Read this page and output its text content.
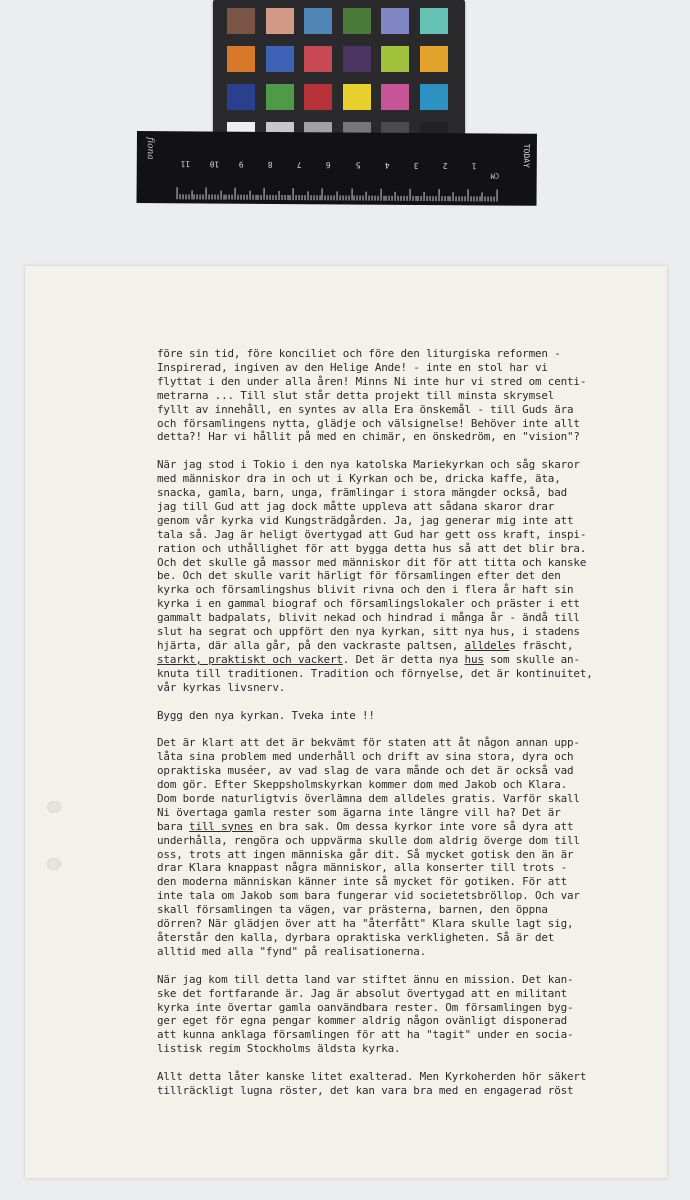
fiona
CM
TODAY
11 10 9	8	7	6	5	4	3	2	1
före sin tid, före konciliet och före den liturgiska reformen -
Inspirerad, ingiven av den Helige Ande! - inte en stol har vi
flyttat i den under alla åren! Minns Ni inte hur vi stred om centi-
metrarna ... Till slut står detta projekt till minsta skrymsel
fyllt av innehåll, en syntes av alla Era önskemål - till Guds ära
och församlingens nytta, glädje och välsignelse! Behöver inte allt
detta?! Har vi hållit på med en chimär, en önskedröm, en "vision"?
När jag stod i Tokio i den nya katolska Mariekyrkan och såg skaror
med människor dra in och ut i Kyrkan och be, dricka kaffe, äta,
snacka, gamla, barn, unga, främlingar i stora mängder också, bad
jag till Gud att jag dock måtte uppleva att sådana skaror drar
genom vår kyrka vid Kungsträdgården. Ja, jag generar mig inte att
tala så. Jag är heligt övertygad att Gud har gett oss kraft, inspi-
ration och uthållighet för att bygga detta hus så att det blir bra.
Och det skulle gå massor med människor dit för att titta och kanske
be. Och det skulle varit härligt för församlingen efter det den
kyrka och församlingshus blivit rivna och den i flera år haft sin
kyrka i en gammal biograf och församlingslokaler och präster i ett
gammalt badpalats, blivit nekad och hindrad i många år - ändå till
slut ha segrat och uppfört den nya kyrkan, sitt nya hus, i stadens
hjärta, där alla går, på den vackraste paltsen, alldeles fräscht,
starkt, praktiskt och vackert. Det är detta nya hus som skulle an-
knuta till traditionen. Tradition och förnyelse, det är kontinuitet,
vår kyrkas livsnerv.
Bygg den nya kyrkan. Tveka inte !!
Det är klart att det är bekvämt för staten att åt någon annan upp-
låta sina problem med underhåll och drift av sina stora, dyra och
opraktiska muséer, av vad slag de vara månde och det är också vad
dom gör. Efter Skeppsholmskyrkan kommer dom med Jakob och Klara.
Dom borde naturligtvis överlämna dem alldeles gratis. Varför skall
Ni övertaga gamla rester som ägarna inte längre vill ha? Det är
bara till synes en bra sak. Om dessa kyrkor inte vore så dyra att
underhålla, rengöra och uppvärma skulle dom aldrig överge dom till
oss, trots att ingen människa går dit. Så mycket gotisk den än är
drar Klara knappast några människor, alla konserter till trots -
den moderna människan känner inte så mycket för gotiken. För att
inte tala om Jakob som bara fungerar vid societetsbröllop. Och var
skall församlingen ta vägen, var prästerna, barnen, den öppna
dörren? När glädjen över att ha "återfått" Klara skulle lagt sig,
återstår den kalla, dyrbara opraktiska verkligheten. Så är det
alltid med alla "fynd" på realisationerna.
När jag kom till detta land var stiftet ännu en mission. Det kan-
ske det fortfarande är. Jag är absolut övertygad att en militant
kyrka inte övertar gamla oanvändbara rester. Om församlingen byg-
ger eget för egna pengar kommer aldrig någon ovänligt disponerad
att kunna anklaga församlingen för att ha "tagit" under en socia-
listisk regim Stockholms äldsta kyrka.
Allt detta låter kanske litet exalterad. Men Kyrkoherden hör säkert
tillräckligt lugna röster, det kan vara bra med en engagerad röst
